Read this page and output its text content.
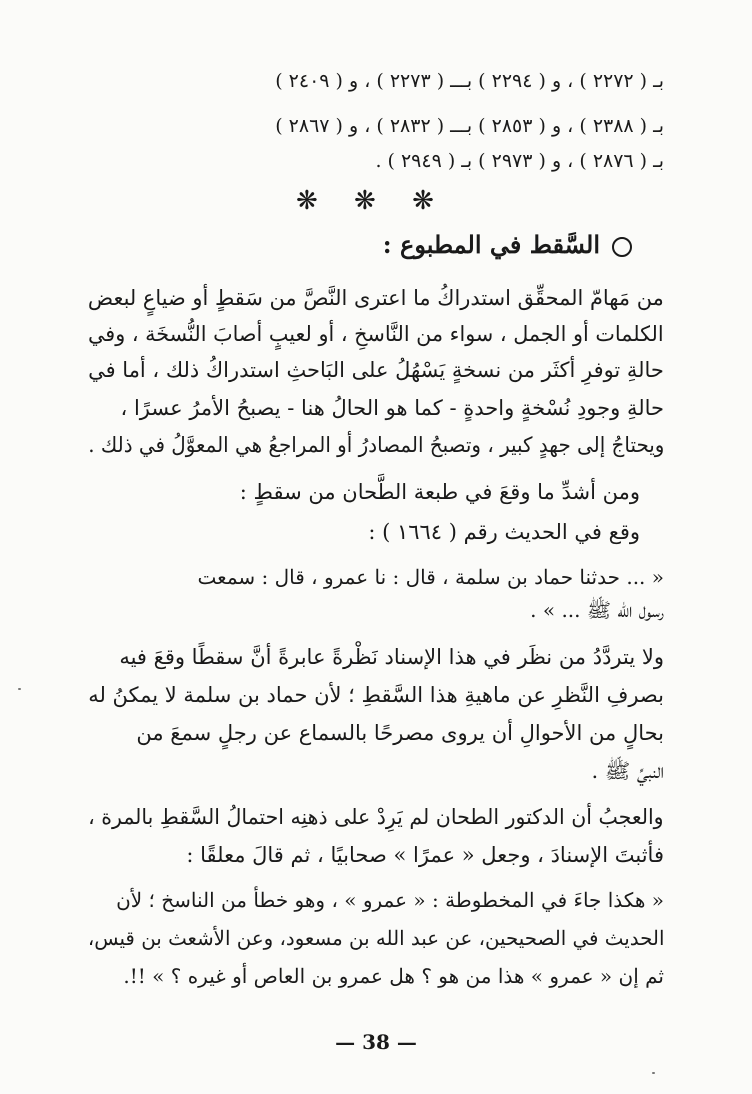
بـ ( ٢٢٧٢ ) ، و ( ٢٢٩٤ ) بـــ ( ٢٢٧٣ ) ، و ( ٢٤٠٩ )
بـ ( ٢٣٨٨ ) ، و ( ٢٨٥٣ ) بـــ ( ٢٨٣٢ ) ، و ( ٢٨٦٧ )
بـ ( ٢٨٧٦ ) ، و ( ٢٩٧٣ ) بـ ( ٢٩٤٩ ) .
❋ ❋ ❋
السَّقط في المطبوع :
من مَهامّ المحقِّق استدراكُ ما اعترى النَّصَّ من سَقطٍ أو ضياعٍ لبعض
الكلمات أو الجمل ، سواء من النَّاسخِ ، أو لعيبٍ أصابَ النُّسخَة ، وفي
حالةِ توفرِ أكثَر من نسخةٍ يَسْهُلُ على البَاحثِ استدراكُ ذلك ، أما في
حالةِ وجودِ نُسْخةٍ واحدةٍ - كما هو الحالُ هنا - يصبحُ الأمرُ عسرًا ،
ويحتاجُ إلى جهدٍ كبير ، وتصبحُ المصادرُ أو المراجعُ هي المعوَّلُ في ذلك .
ومن أشدِّ ما وقعَ في طبعة الطَّحان من سقطٍ :
وقع في الحديث رقم ( ١٦٦٤ ) :
« ... حدثنا حماد بن سلمة ، قال : نا عمرو ، قال : سمعت
رسول الله ﷺ ... » .
ولا يتردَّدُ من نظَر في هذا الإسناد نَظْرةً عابرةً أنَّ سقطًا وقعَ فيه
بصرفِ النَّظرِ عن ماهيةِ هذا السَّقطِ ؛ لأن حماد بن سلمة لا يمكنُ له
بحالٍ من الأحوالِ أن يروى مصرحًا بالسماع عن رجلٍ سمعَ من
النبيِّ ﷺ .
والعجبُ أن الدكتور الطحان لم يَرِدْ على ذهنِه احتمالُ السَّقطِ بالمرة ،
فأثبتَ الإسنادَ ، وجعل « عمرًا » صحابيًا ، ثم قالَ معلقًا :
« هكذا جاءَ في المخطوطة : « عمرو » ، وهو خطأ من الناسخ ؛ لأن
الحديث في الصحيحين، عن عبد الله بن مسعود، وعن الأشعث بن قيس،
ثم إن « عمرو » هذا من هو ؟ هل عمرو بن العاص أو غيره ؟ » !!.
— 38 —
